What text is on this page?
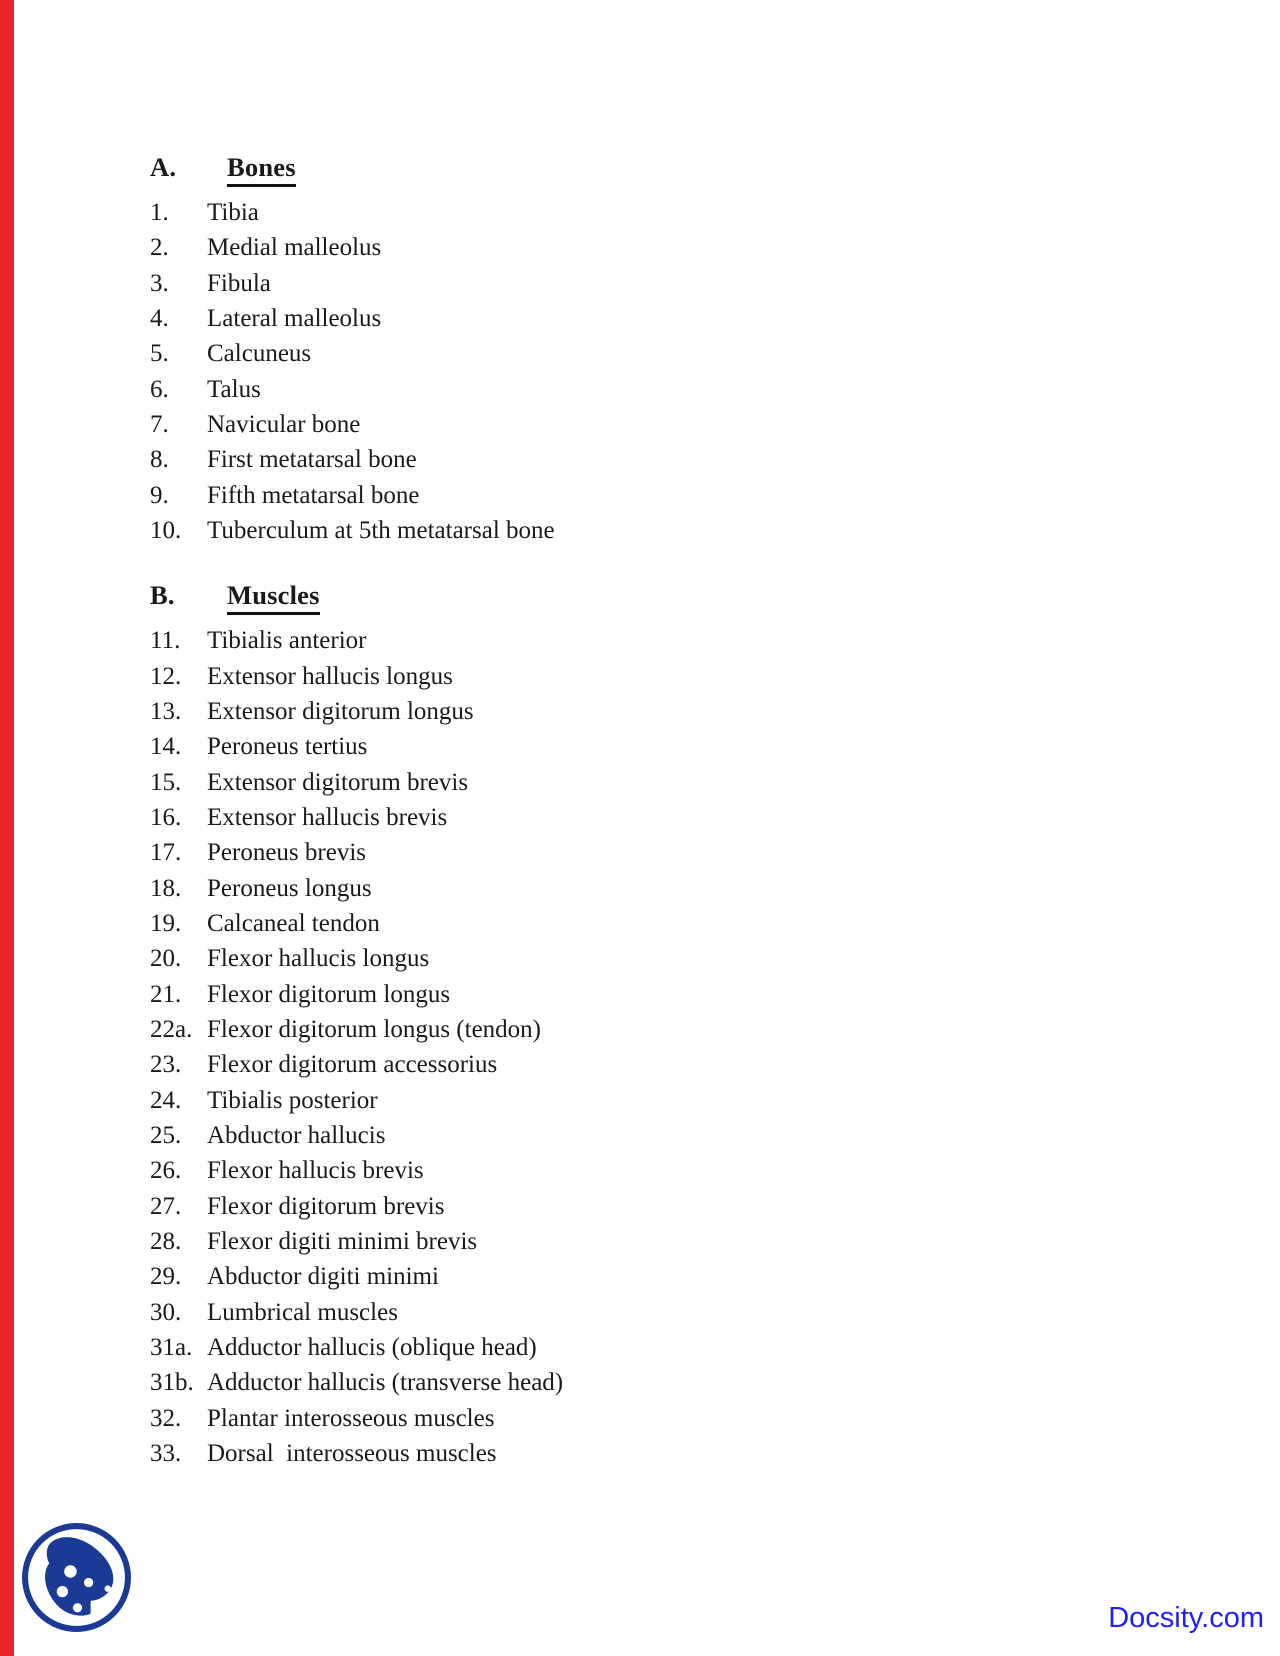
A.	Bones
1.	Tibia
2.	Medial malleolus
3.	Fibula
4.	Lateral malleolus
5.	Calcuneus
6.	Talus
7.	Navicular bone
8.	First metatarsal bone
9.	Fifth metatarsal bone
10.	Tuberculum at 5th metatarsal bone
B.	Muscles
11.	Tibialis anterior
12.	Extensor hallucis longus
13.	Extensor digitorum longus
14.	Peroneus tertius
15.	Extensor digitorum brevis
16.	Extensor hallucis brevis
17.	Peroneus brevis
18.	Peroneus longus
19.	Calcaneal tendon
20.	Flexor hallucis longus
21.	Flexor digitorum longus
22a. Flexor digitorum longus (tendon)
23.	Flexor digitorum accessorius
24.	Tibialis posterior
25.	Abductor hallucis
26.	Flexor hallucis brevis
27.	Flexor digitorum brevis
28.	Flexor digiti minimi brevis
29.	Abductor digiti minimi
30.	Lumbrical muscles
31a. Adductor hallucis (oblique head)
31b. Adductor hallucis (transverse head)
32.	Plantar interosseous muscles
33.	Dorsal  interosseous muscles
Docsity.com
